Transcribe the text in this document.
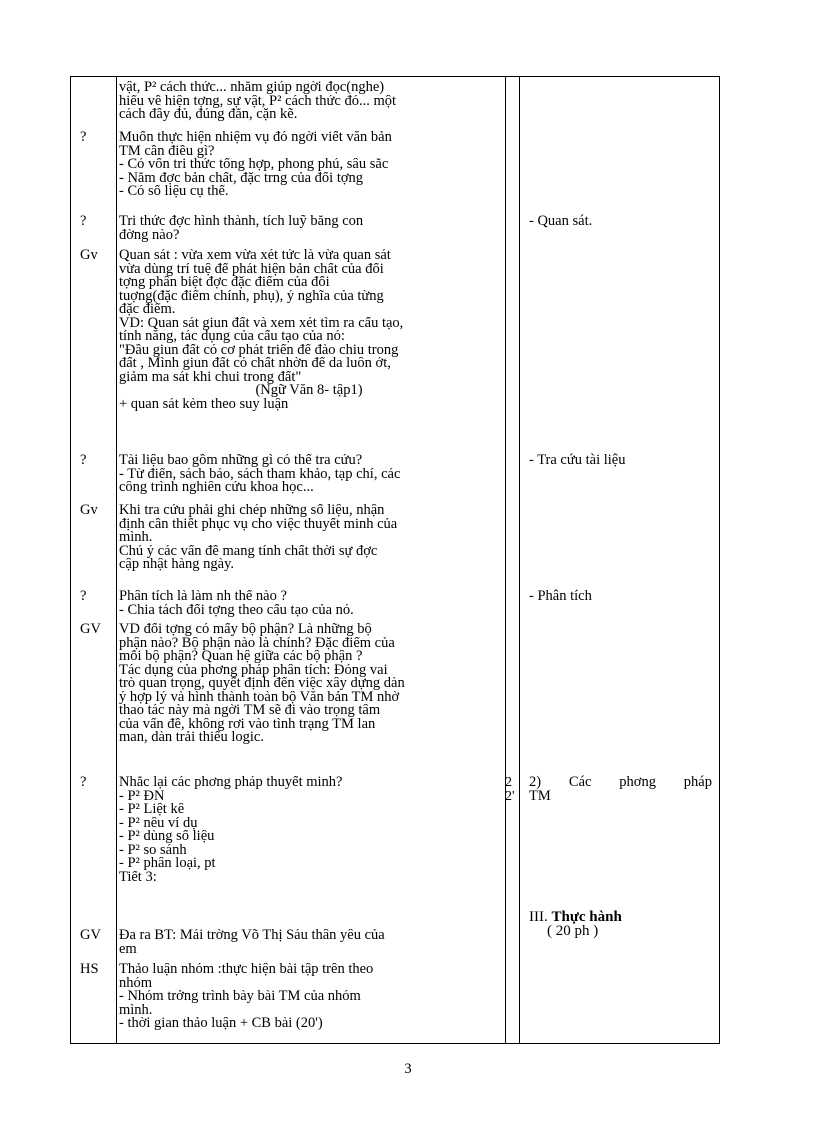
vật, P² cách thức... nhằm giúp ngời đọc(nghe)
hiểu về hiện tợng, sự vật, P² cách thức đó... một
cách đầy đủ, đúng đắn, cặn kẽ.
? Muốn thực hiện nhiệm vụ đó ngời viết văn bản
TM cần điều gì?
- Có vốn tri thức tổng hợp, phong phú, sâu sắc
- Nắm đợc bản chất, đặc trng của đối tợng
- Có số liệu cụ thể.
? Tri thức đợc hình thành, tích luỹ bằng con
đờng nào?
- Quan sát.
Gv Quan sát : vừa xem vừa xét tức là vừa quan sát
vừa dùng trí tuệ để phát hiện bản chất của đối
tợng phân biệt đợc đặc điểm của đối
tuợng(đặc điểm chính, phụ), ý nghĩa của từng
đặc điểm.
VD: Quan sát giun đất và xem xét tìm ra cấu tạo,
tính năng, tác dụng của cấu tạo của nó:
"Đầu giun đất có cơ phát triển để đào chiu trong
đất , Mình giun đất có chất nhờn để da luôn ớt,
giảm ma sát khi chui trong đất"
(Ngữ Văn 8- tập1)
+ quan sát kèm theo suy luận
? Tài liệu bao gồm những gì có thể tra cứu?
- Từ điển, sách báo, sách tham khảo, tạp chí, các
công trình nghiên cứu khoa học...
- Tra cứu tài liệu
Gv Khi tra cứu phải ghi chép những số liệu, nhận
định cần thiết phục vụ cho việc thuyết minh của
mình.
Chú ý các vấn đề mang tính chất thời sự đợc
cập nhật hàng ngày.
? Phân tích là làm nh thế nào ?
- Chia tách đối tợng theo cấu tạo của nó.
- Phân tích
GV VD đối tợng có mấy bộ phận? Là những bộ
phận nào? Bộ phận nào là chính? Đặc điểm của
mỗi bộ phận? Quan hệ giữa các bộ phận ?
Tác dụng của phơng pháp phân tích: Đóng vai
trò quan trọng, quyết định đến việc xây dựng dàn
ý hợp lý và hình thành toàn bộ Văn bản TM nhờ
thao tác này mà ngời TM sẽ đi vào trọng tâm
của vấn đề, không rơi vào tình trạng TM lan
man, dàn trải thiếu logic.
? Nhắc lại các phơng pháp thuyết minh?
- P² ĐN
- P² Liệt kê
- P² nêu ví dụ
- P² dùng số liệu
- P² so sánh
- P² phân loại, pt
Tiết 3:
2
2'
2) Các phơng pháp
TM
III. Thực hành
( 20 ph )
GV Đa ra BT: Mái trờng Võ Thị Sáu thân yêu của
em
HS Thảo luận nhóm :thực hiện bài tập trên theo
nhóm
- Nhóm trởng trình bày bài TM của nhóm
mình.
- thời gian thảo luận + CB bài (20')
3
